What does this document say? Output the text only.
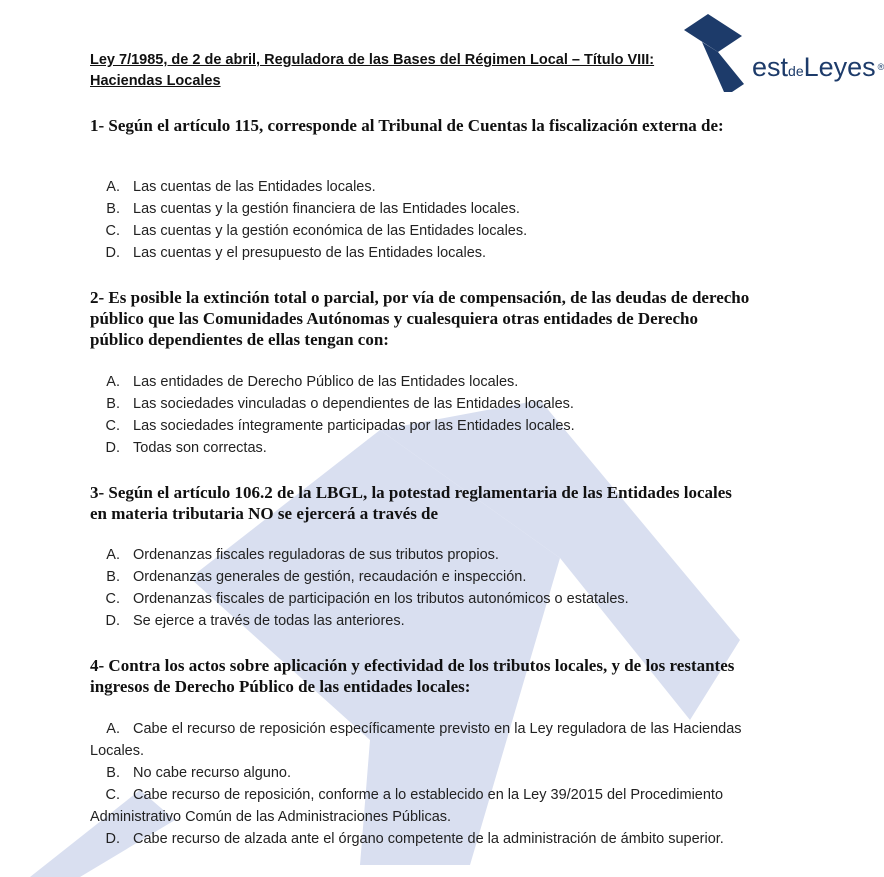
estdeLeyes ®
Ley 7/1985, de 2 de abril, Reguladora de las Bases del Régimen Local – Título VIII: Haciendas Locales
1- Según el artículo 115, corresponde al Tribunal de Cuentas la fiscalización externa de:
A. Las cuentas de las Entidades locales.
B. Las cuentas y la gestión financiera de las Entidades locales.
C. Las cuentas y la gestión económica de las Entidades locales.
D. Las cuentas y el presupuesto de las Entidades locales.
2- Es posible la extinción total o parcial, por vía de compensación, de las deudas de derecho público que las Comunidades Autónomas y cualesquiera otras entidades de Derecho público dependientes de ellas tengan con:
A. Las entidades de Derecho Público de las Entidades locales.
B. Las sociedades vinculadas o dependientes de las Entidades locales.
C. Las sociedades íntegramente participadas por las Entidades locales.
D. Todas son correctas.
3- Según el artículo 106.2 de la LBGL, la potestad reglamentaria de las Entidades locales en materia tributaria NO se ejercerá a través de
A. Ordenanzas fiscales reguladoras de sus tributos propios.
B. Ordenanzas generales de gestión, recaudación e inspección.
C. Ordenanzas fiscales de participación en los tributos autonómicos o estatales.
D. Se ejerce a través de todas las anteriores.
4- Contra los actos sobre aplicación y efectividad de los tributos locales, y de los restantes ingresos de Derecho Público de las entidades locales:
A. Cabe el recurso de reposición específicamente previsto en la Ley reguladora de las Haciendas Locales.
B. No cabe recurso alguno.
C. Cabe recurso de reposición, conforme a lo establecido en la Ley 39/2015 del Procedimiento Administrativo Común de las Administraciones Públicas.
D. Cabe recurso de alzada ante el órgano competente de la administración de ámbito superior.
